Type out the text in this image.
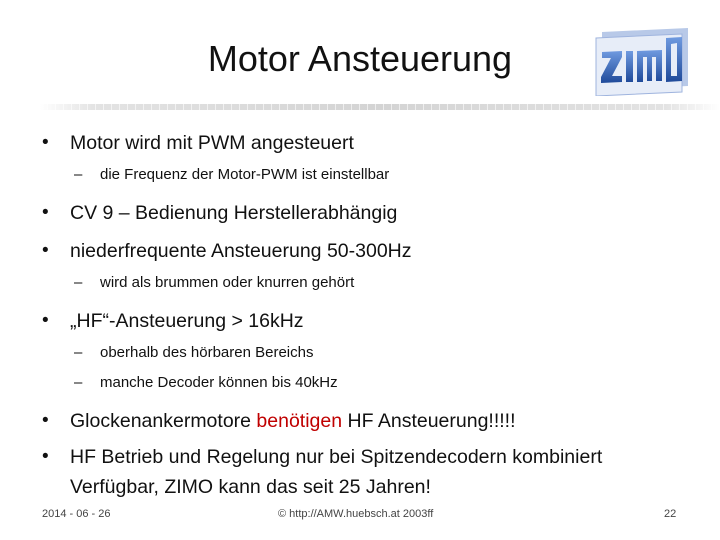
Motor Ansteuerung
ZIMO

• Motor wird mit PWM angesteuert

– die Frequenz der Motor-PWM ist einstellbar

• CV 9 – Bedienung Herstellerabhängig

• niederfrequente Ansteuerung 50-300Hz

– wird als brummen oder knurren gehört

• „HF“-Ansteuerung > 16kHz

– oberhalb des hörbaren Bereichs

– manche Decoder können bis 40kHz

• Glockenankermotore benötigen HF Ansteuerung!!!!!

• HF Betrieb und Regelung nur bei Spitzendecodern kombiniert
Verfügbar, ZIMO kann das seit 25 Jahren!

2014 - 06 - 26	© http://AMW.huebsch.at 2003ff	22
